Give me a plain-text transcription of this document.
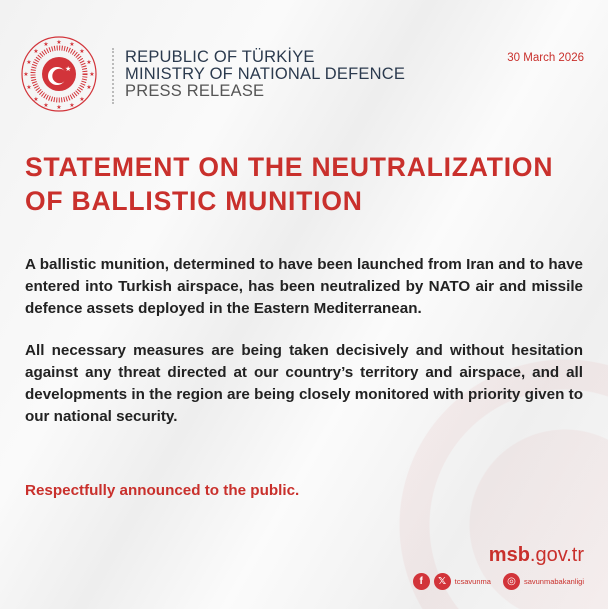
★
★
★	★
★	★
★	★
★	★
★	★
★	★
★	★
★
REPUBLIC OF TÜRKİYE
MINISTRY OF NATIONAL DEFENCE
PRESS RELEASE
30 March 2026
STATEMENT ON THE NEUTRALIZATION
OF BALLISTIC MUNITION

A ballistic munition, determined to have been launched from Iran and to have entered into Turkish airspace, has been neutralized by NATO air and missile defence assets deployed in the Eastern Mediterranean.

All necessary measures are being taken decisively and without hesitation against any threat directed at our country’s territory and airspace, and all developments in the region are being closely monitored with priority given to our national security.

Respectfully announced to the public.
msb.gov.tr
f	𝕏	tcsavunma	◎	savunmabakanligi
